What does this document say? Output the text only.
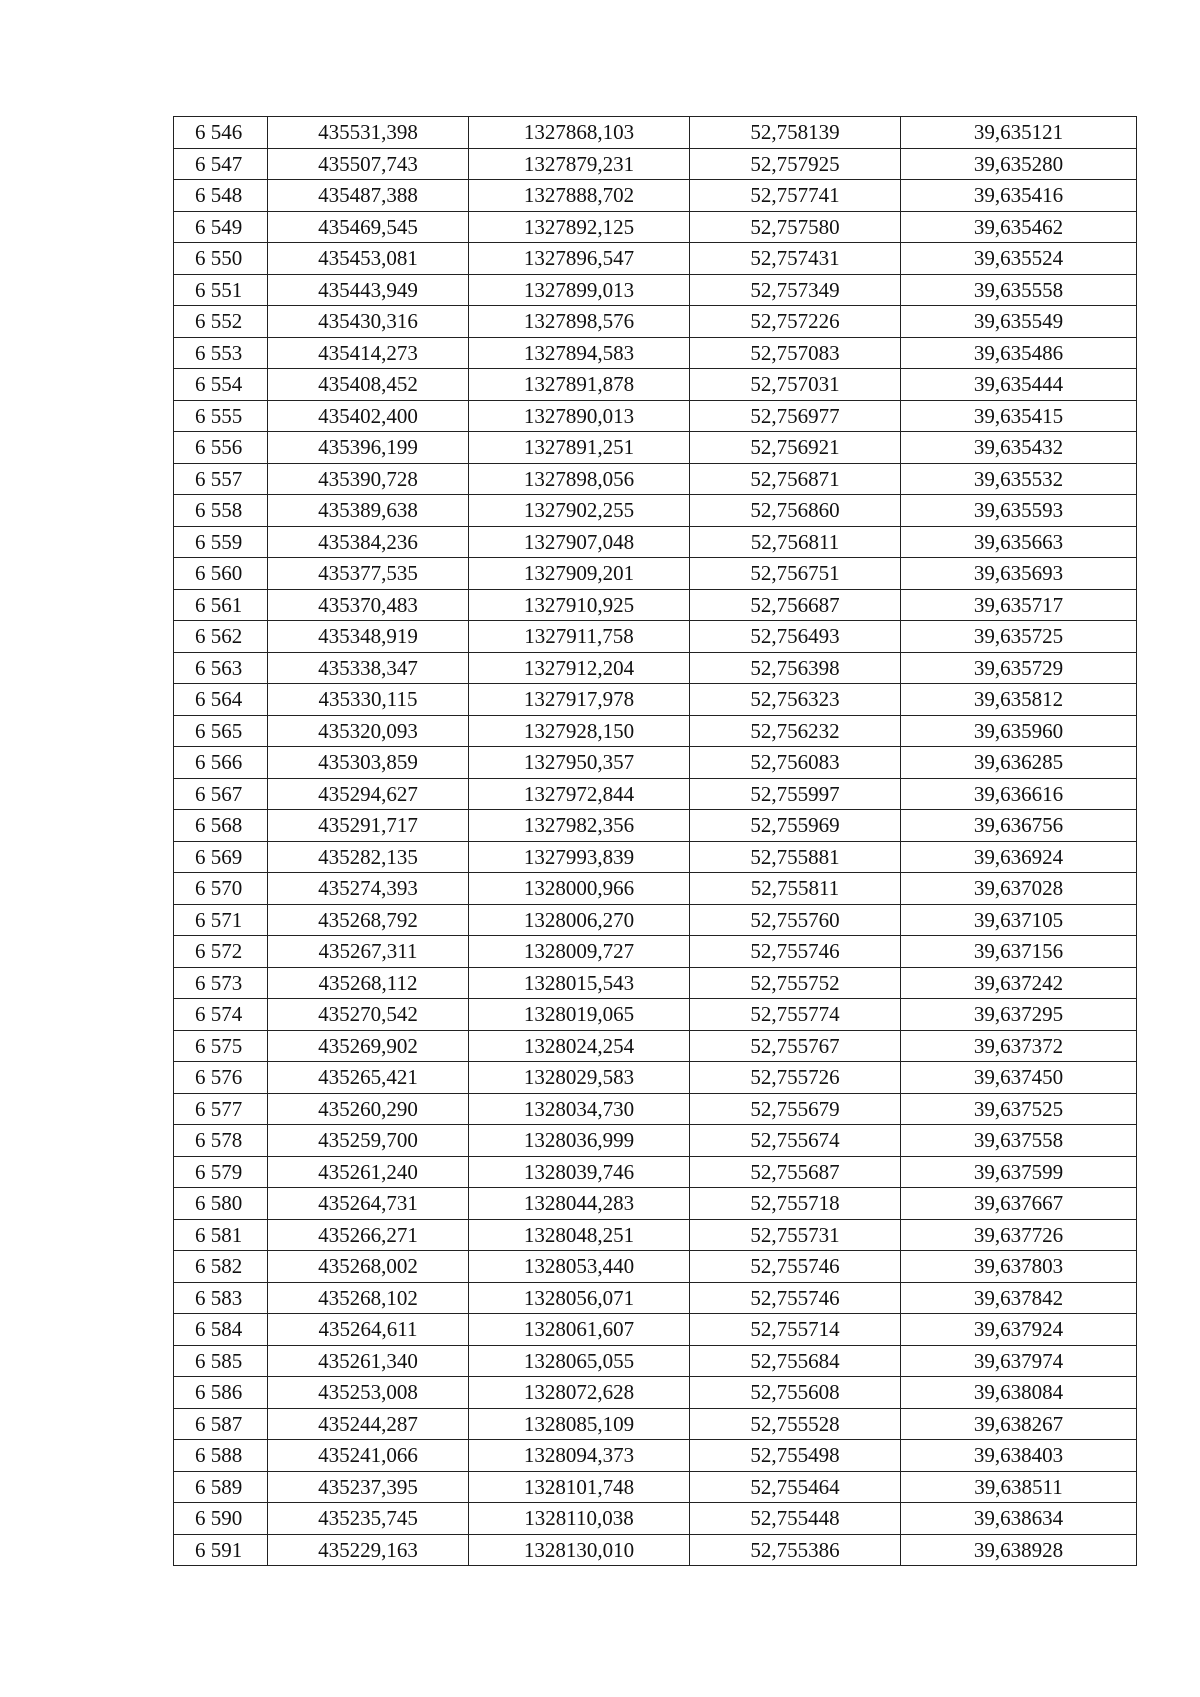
6 546	435531,398	1327868,103	52,758139	39,635121
6 547	435507,743	1327879,231	52,757925	39,635280
6 548	435487,388	1327888,702	52,757741	39,635416
6 549	435469,545	1327892,125	52,757580	39,635462
6 550	435453,081	1327896,547	52,757431	39,635524
6 551	435443,949	1327899,013	52,757349	39,635558
6 552	435430,316	1327898,576	52,757226	39,635549
6 553	435414,273	1327894,583	52,757083	39,635486
6 554	435408,452	1327891,878	52,757031	39,635444
6 555	435402,400	1327890,013	52,756977	39,635415
6 556	435396,199	1327891,251	52,756921	39,635432
6 557	435390,728	1327898,056	52,756871	39,635532
6 558	435389,638	1327902,255	52,756860	39,635593
6 559	435384,236	1327907,048	52,756811	39,635663
6 560	435377,535	1327909,201	52,756751	39,635693
6 561	435370,483	1327910,925	52,756687	39,635717
6 562	435348,919	1327911,758	52,756493	39,635725
6 563	435338,347	1327912,204	52,756398	39,635729
6 564	435330,115	1327917,978	52,756323	39,635812
6 565	435320,093	1327928,150	52,756232	39,635960
6 566	435303,859	1327950,357	52,756083	39,636285
6 567	435294,627	1327972,844	52,755997	39,636616
6 568	435291,717	1327982,356	52,755969	39,636756
6 569	435282,135	1327993,839	52,755881	39,636924
6 570	435274,393	1328000,966	52,755811	39,637028
6 571	435268,792	1328006,270	52,755760	39,637105
6 572	435267,311	1328009,727	52,755746	39,637156
6 573	435268,112	1328015,543	52,755752	39,637242
6 574	435270,542	1328019,065	52,755774	39,637295
6 575	435269,902	1328024,254	52,755767	39,637372
6 576	435265,421	1328029,583	52,755726	39,637450
6 577	435260,290	1328034,730	52,755679	39,637525
6 578	435259,700	1328036,999	52,755674	39,637558
6 579	435261,240	1328039,746	52,755687	39,637599
6 580	435264,731	1328044,283	52,755718	39,637667
6 581	435266,271	1328048,251	52,755731	39,637726
6 582	435268,002	1328053,440	52,755746	39,637803
6 583	435268,102	1328056,071	52,755746	39,637842
6 584	435264,611	1328061,607	52,755714	39,637924
6 585	435261,340	1328065,055	52,755684	39,637974
6 586	435253,008	1328072,628	52,755608	39,638084
6 587	435244,287	1328085,109	52,755528	39,638267
6 588	435241,066	1328094,373	52,755498	39,638403
6 589	435237,395	1328101,748	52,755464	39,638511
6 590	435235,745	1328110,038	52,755448	39,638634
6 591	435229,163	1328130,010	52,755386	39,638928
